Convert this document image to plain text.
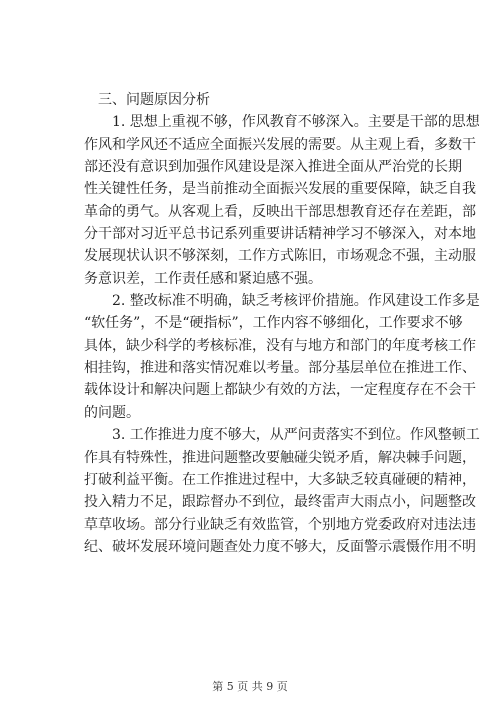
三、问题原因分析
1. 思想上重视不够，作风教育不够深入。主要是干部的思想
作风和学风还不适应全面振兴发展的需要。从主观上看，多数干
部还没有意识到加强作风建设是深入推进全面从严治党的长期
性关键性任务，是当前推动全面振兴发展的重要保障，缺乏自我
革命的勇气。从客观上看，反映出干部思想教育还存在差距，部
分干部对习近平总书记系列重要讲话精神学习不够深入，对本地
发展现状认识不够深刻，工作方式陈旧，市场观念不强，主动服
务意识差，工作责任感和紧迫感不强。
2. 整改标准不明确，缺乏考核评价措施。作风建设工作多是
“软任务”，不是“硬指标”，工作内容不够细化，工作要求不够
具体，缺少科学的考核标准，没有与地方和部门的年度考核工作
相挂钩，推进和落实情况难以考量。部分基层单位在推进工作、
载体设计和解决问题上都缺少有效的方法，一定程度存在不会干
的问题。
3. 工作推进力度不够大，从严问责落实不到位。作风整顿工
作具有特殊性，推进问题整改要触碰尖锐矛盾，解决棘手问题，
打破利益平衡。在工作推进过程中，大多缺乏较真碰硬的精神，
投入精力不足，跟踪督办不到位，最终雷声大雨点小，问题整改
草草收场。部分行业缺乏有效监管，个别地方党委政府对违法违
纪、破坏发展环境问题查处力度不够大，反面警示震慑作用不明
第 5 页 共 9 页
